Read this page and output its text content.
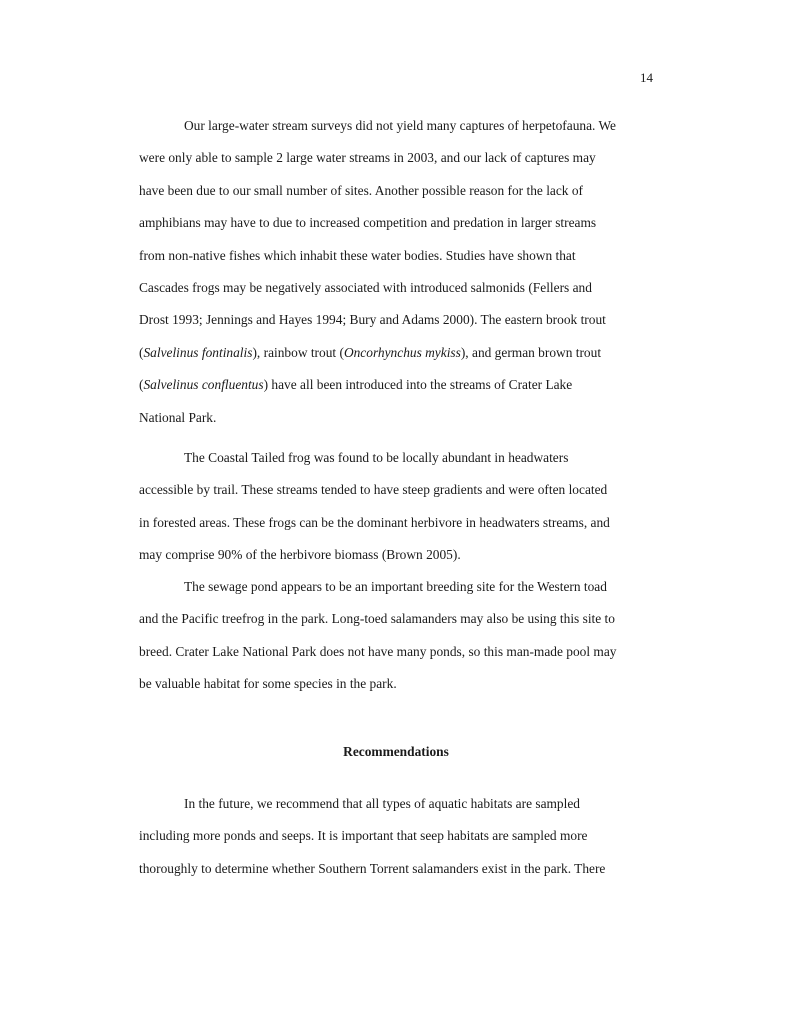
14
Our large-water stream surveys did not yield many captures of herpetofauna. We
were only able to sample 2 large water streams in 2003, and our lack of captures may
have been due to our small number of sites. Another possible reason for the lack of
amphibians may have to due to increased competition and predation in larger streams
from non-native fishes which inhabit these water bodies. Studies have shown that
Cascades frogs may be negatively associated with introduced salmonids (Fellers and
Drost 1993; Jennings and Hayes 1994; Bury and Adams 2000). The eastern brook trout
(Salvelinus fontinalis), rainbow trout (Oncorhynchus mykiss), and german brown trout
(Salvelinus confluentus) have all been introduced into the streams of Crater Lake
National Park.
The Coastal Tailed frog was found to be locally abundant in headwaters
accessible by trail. These streams tended to have steep gradients and were often located
in forested areas. These frogs can be the dominant herbivore in headwaters streams, and
may comprise 90% of the herbivore biomass (Brown 2005).
The sewage pond appears to be an important breeding site for the Western toad
and the Pacific treefrog in the park. Long-toed salamanders may also be using this site to
breed. Crater Lake National Park does not have many ponds, so this man-made pool may
be valuable habitat for some species in the park.
Recommendations
In the future, we recommend that all types of aquatic habitats are sampled
including more ponds and seeps. It is important that seep habitats are sampled more
thoroughly to determine whether Southern Torrent salamanders exist in the park. There
